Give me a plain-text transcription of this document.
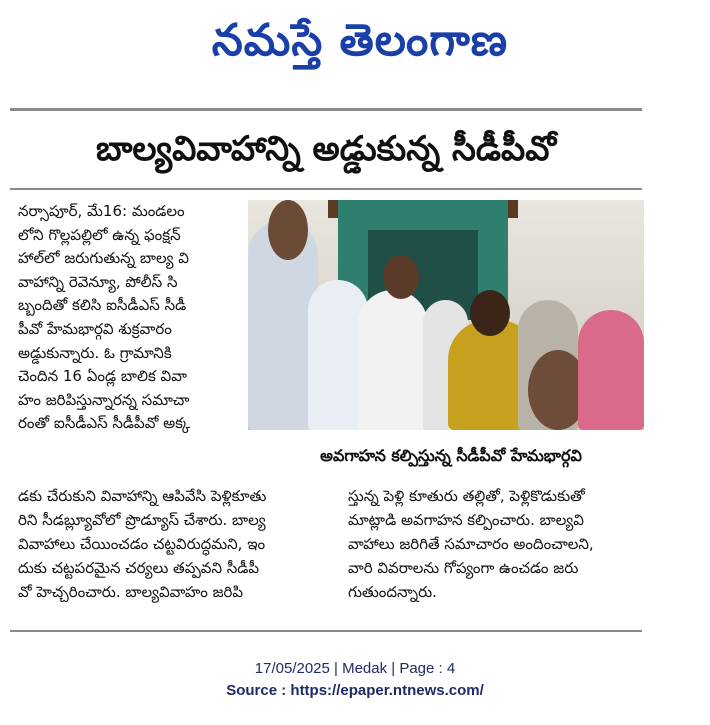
నమస్తే తెలంగాణ
బాల్యవివాహాన్ని అడ్డుకున్న సీడీపీవో
నర్సాపూర్, మే16: మండలం
లోని గొల్లపల్లిలో ఉన్న ఫంక్షన్
హాల్‌లో జరుగుతున్న బాల్య వి
వాహాన్ని రెవెన్యూ, పోలీస్ సి
బ్బందితో కలిసి ఐసీడీఎస్ సీడీ
పీవో హేమభార్గవి శుక్రవారం
అడ్డుకున్నారు. ఓ గ్రామానికి
చెందిన 16 ఏండ్ల బాలిక వివా
హం జరిపిస్తున్నారన్న సమాచా
రంతో ఐసీడీఎస్ సీడీపీవో అక్క
అవగాహన కల్పిస్తున్న సీడీపీవో హేమభార్గవి
డకు చేరుకుని వివాహాన్ని ఆపివేసి పెళ్లికూతు
రిని సీడబ్ల్యూవోలో ప్రొడ్యూస్ చేశారు. బాల్య
వివాహాలు చేయించడం చట్టవిరుద్ధమని, ఇం
దుకు చట్టపరమైన చర్యలు తప్పవని సీడీపీ
వో హెచ్చరించారు. బాల్యవివాహం జరిపి
స్తున్న పెళ్లి కూతురు తల్లితో, పెళ్లికొడుకుతో
మాట్లాడి అవగాహన కల్పించారు. బాల్యవి
వాహాలు జరిగితే సమాచారం అందించాలని,
వారి వివరాలను గోప్యంగా ఉంచడం జరు
గుతుందన్నారు.
17/05/2025 | Medak | Page : 4
Source : https://epaper.ntnews.com/
